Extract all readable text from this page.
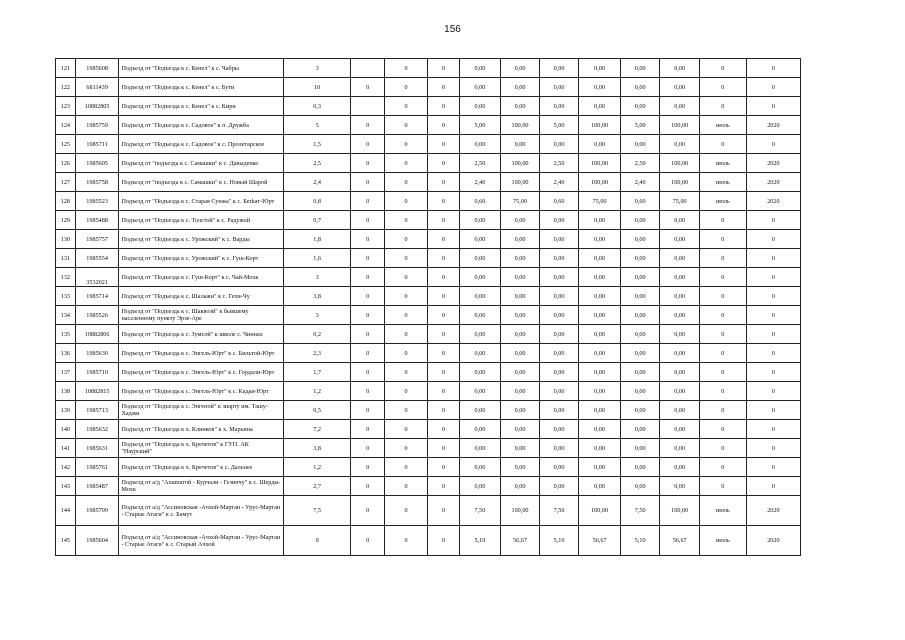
156
121	1985608	Подъезд от "Подъезда к с. Кенел" к с. Чабры	3		0	0	0,00	0,00	0,00	0,00	0,00	0,00	0	0
122	6811439	Подъезд от "Подъезда к с. Кенел" к с. Бути	10	0	0	0	0,00	0,00	0,00	0,00	0,00	0,00	0	0
123	10882805	Подъезд от "Подъезда к с. Кенел" к с. Кири	0,3		0	0	0,00	0,00	0,00	0,00	0,00	0,00	0	0
124	1985759	Подъезд от "Подъезда к с. Садовое" к п. Дружба	5	0	0	0	5,00	100,00	5,00	100,00	5,00	100,00	июль	2020
125	1985711	Подъезд от "Подъезда к с. Садовое" к с. Пролетарское	1,5	0	0	0	0,00	0,00	0,00	0,00	0,00	0,00	0	0
126	1985605	Подъезд от "подъезда к с. Самашки" к с. Давыденко	2,5	0	0	0	2,50	100,00	2,50	100,00	2,50	100,00	июль	2020
127	1985758	Подъезд от "подъезда к с. Самашки" к с. Новый Шарой	2,4	0	0	0	2,40	100,00	2,40	100,00	2,40	100,00	июль	2020
128	1985523	Подъезд от "Подъезда к с. Старая Сунжа" к с. Бerkaт-Юрт	0,8	0	0	0	0,60	75,00	0,60	75,00	0,60	75,00	июль	2020
129	1985488	Подъезд от "Подъезда к с. Толстой" к с. Радужой	0,7	0	0	0	0,00	0,00	0,00	0,00	0,00	0,00	0	0
130	1985757	Подъезд от "Подъезда к с. Урожский" к с. Варды	1,8	0	0	0	0,00	0,00	0,00	0,00	0,00	0,00	0	0
131	1985554	Подъезд от "Подъезда к с. Урожский" к с. Гуш-Корт	1,6	0	0	0	0,00	0,00	0,00	0,00	0,00	0,00	0	0
132	3532021	Подъезд от "Подъезда к с. Гуш-Корт" к с. Чай-Мохк	3	0	0	0	0,00	0,00	0,00	0,00	0,00	0,00	0	0
133	1985714	Подъезд от "Подъезда к с. Шалажи" к с. Гехи-Чу	3,8	0	0	0	0,00	0,00	0,00	0,00	0,00	0,00	0	0
134	1985526	Подъезд от "Подъезда к с. Шаквозй" к бывшему населенному пункту Эрзе-Аре	3	0	0	0	0,00	0,00	0,00	0,00	0,00	0,00	0	0
135	10882806	Подъезд от "Подъезда к с. Зумсой" к школе с. Чиннах	0,2	0	0	0	0,00	0,00	0,00	0,00	0,00	0,00	0	0
136	1985630	Подъезд от "Подъезда к с. Энгель-Юрт" к с. Бильтой-Юрт	2,3	0	0	0	0,00	0,00	0,00	0,00	0,00	0,00	0	0
137	1985710	Подъезд от "Подъезда к с. Энгель-Юрт" к с. Гордали-Юрт	1,7	0	0	0	0,00	0,00	0,00	0,00	0,00	0,00	0	0
138	10882815	Подъезд от "Подъезда к с. Энгель-Юрт" к с. Кадаи-Юрт	1,2	0	0	0	0,00	0,00	0,00	0,00	0,00	0,00	0	0
139	1985713	Подъезд от "Подъезда к с. Энгеной" к зиарту им. Ташу-Хаджи	0,5	0	0	0	0,00	0,00	0,00	0,00	0,00	0,00	0	0
140	1985632	Подъезд от "Подъезда к х. Клинков" к х. Марьина	7,2	0	0	0	0,00	0,00	0,00	0,00	0,00	0,00	0	0
141	1985631	Подъезд от "Подъезда к х. Кречетов" к ГУП. АК "Наурский"	3,8	0	0	0	0,00	0,00	0,00	0,00	0,00	0,00	0	0
142	1985761	Подъезд от "Подъезда к х. Кречетов" к с. Дальнее	1,2	0	0	0	0,00	0,00	0,00	0,00	0,00	0,00	0	0
143	1985487	Подъезд от а/д "Ахшпатой - Курчали - Гезинчу" к с. Шерды-Мохк	2,7	0	0	0	0,00	0,00	0,00	0,00	0,00	0,00	0	0
144	1985709	Подъезд от а/д "Ассиновская -Ачхой-Мартан - Урус-Мартан - Старые Атаги" к с. Бамут	7,5	0	0	0	7,50	100,00	7,50	100,00	7,50	100,00	июль	2020
145	1985604	Подъезд от а/д "Ассиновская -Ачхой-Мартан - Урус-Мартан - Старые Атаги" к с. Старый Ачхой	9	0	0	0	5,10	56,67	5,10	56,67	5,10	56,67	июль	2020
